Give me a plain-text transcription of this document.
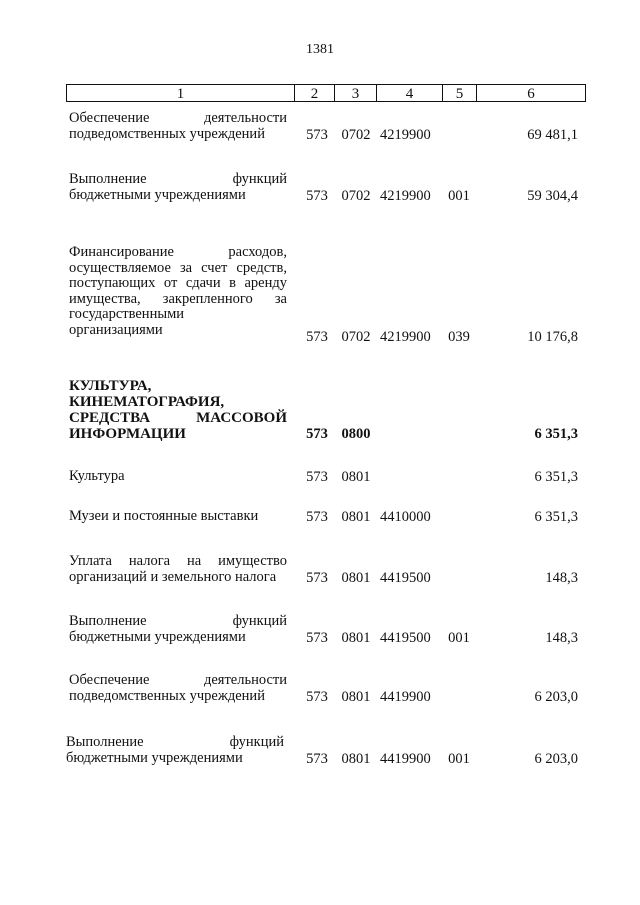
1381
1	2	3	4	5	6
Обеспечение деятельности
подведомственных учреждений	573 0702 4219900	69 481,1
Выполнение функций
бюджетными учреждениями	573 0702 4219900	001	59 304,4
Финансирование расходов,
осуществляемое за счет средств,
поступающих от сдачи в аренду
имущества, закрепленного за
государственными
организациями	573 0702 4219900	039	10 176,8
КУЛЬТУРА,
КИНЕМАТОГРАФИЯ,
СРЕДСТВА МАССОВОЙ
ИНФОРМАЦИИ	573 0800	6 351,3
Культура	573 0801	6 351,3
Музеи и постоянные выставки	573 0801 4410000	6 351,3
Уплата налога на имущество
организаций и земельного налога	573 0801 4419500	148,3
Выполнение функций
бюджетными учреждениями	573 0801 4419500	001	148,3
Обеспечение деятельности
подведомственных учреждений	573 0801 4419900	6 203,0
Выполнение функций
бюджетными учреждениями	573 0801 4419900	001	6 203,0
